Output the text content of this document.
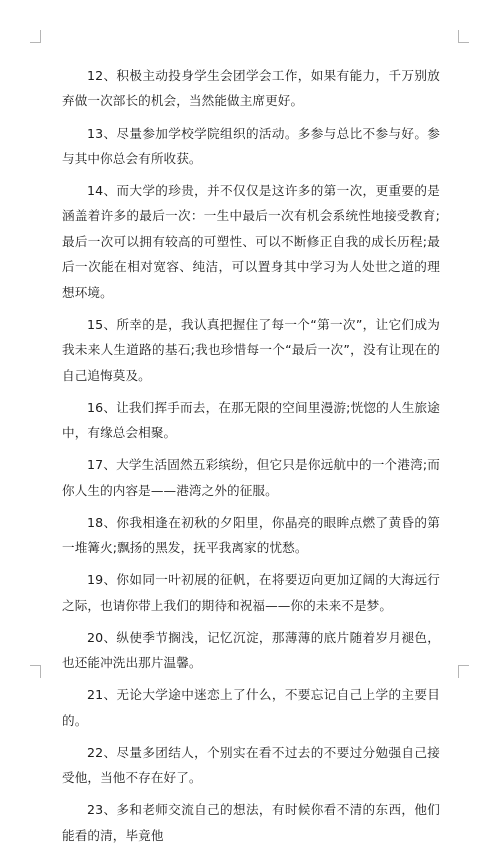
12、积极主动投身学生会团学会工作，如果有能力，千万别放弃做一次部长的机会，当然能做主席更好。

13、尽量参加学校学院组织的活动。多参与总比不参与好。参与其中你总会有所收获。

14、而大学的珍贵，并不仅仅是这许多的第一次，更重要的是涵盖着许多的最后一次：一生中最后一次有机会系统性地接受教育;最后一次可以拥有较高的可塑性、可以不断修正自我的成长历程;最后一次能在相对宽容、纯洁，可以置身其中学习为人处世之道的理想环境。

15、所幸的是，我认真把握住了每一个“第一次”，让它们成为我未来人生道路的基石;我也珍惜每一个“最后一次”，没有让现在的自己追悔莫及。

16、让我们挥手而去，在那无限的空间里漫游;恍惚的人生旅途中，有缘总会相聚。

17、大学生活固然五彩缤纷，但它只是你远航中的一个港湾;而你人生的内容是——港湾之外的征服。

18、你我相逢在初秋的夕阳里，你晶亮的眼眸点燃了黄昏的第一堆篝火;飘扬的黑发，抚平我离家的忧愁。

19、你如同一叶初展的征帆，在将要迈向更加辽阔的大海远行之际，也请你带上我们的期待和祝福——你的未来不是梦。

20、纵使季节搁浅，记忆沉淀，那薄薄的底片随着岁月褪色，也还能冲洗出那片温馨。

21、无论大学途中迷恋上了什么，不要忘记自己上学的主要目的。

22、尽量多团结人，个别实在看不过去的不要过分勉强自己接受他，当他不存在好了。

23、多和老师交流自己的想法，有时候你看不清的东西，他们能看的清，毕竟他
